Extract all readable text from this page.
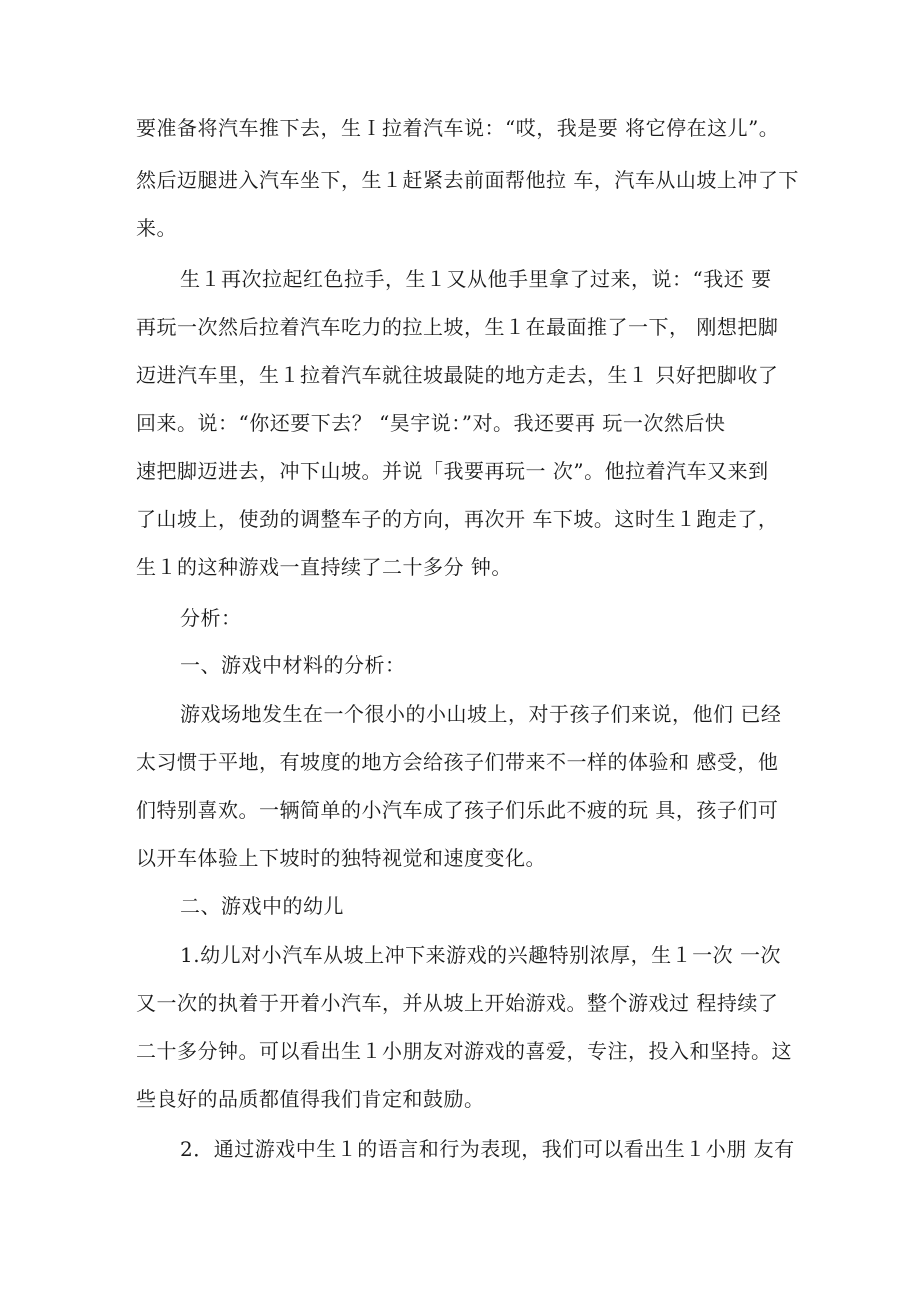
要准备将汽车推下去，生Ｉ拉着汽车说：“哎，我是要 将它停在这儿”。
然后迈腿进入汽车坐下，生１赶紧去前面帮他拉 车，汽车从山坡上冲了下
来。
生１再次拉起红色拉手，生１又从他手里拿了过来，说：“我还 要
再玩一次然后拉着汽车吃力的拉上坡，生１在最面推了一下， 刚想把脚
迈进汽车里，生１拉着汽车就往坡最陡的地方走去，生１ 只好把脚收了
回来。说：“你还要下去？ “昊宇说：”对。我还要再 玩一次然后快
速把脚迈进去，冲下山坡。并说「我要再玩一 次”。他拉着汽车又来到
了山坡上，使劲的调整车子的方向，再次开 车下坡。这时生１跑走了，
生１的这种游戏一直持续了二十多分 钟。
分析：
一、游戏中材料的分析：
游戏场地发生在一个很小的小山坡上，对于孩子们来说，他们 已经
太习惯于平地，有坡度的地方会给孩子们带来不一样的体验和 感受，他
们特别喜欢。一辆简单的小汽车成了孩子们乐此不疲的玩 具，孩子们可
以开车体验上下坡时的独特视觉和速度变化。
二、游戏中的幼儿
1.幼儿对小汽车从坡上冲下来游戏的兴趣特别浓厚，生１一次 一次
又一次的执着于开着小汽车，并从坡上开始游戏。整个游戏过 程持续了
二十多分钟。可以看出生１小朋友对游戏的喜爱，专注，投入和坚持。这
些良好的品质都值得我们肯定和鼓励。
2．通过游戏中生１的语言和行为表现，我们可以看出生１小朋 友有
